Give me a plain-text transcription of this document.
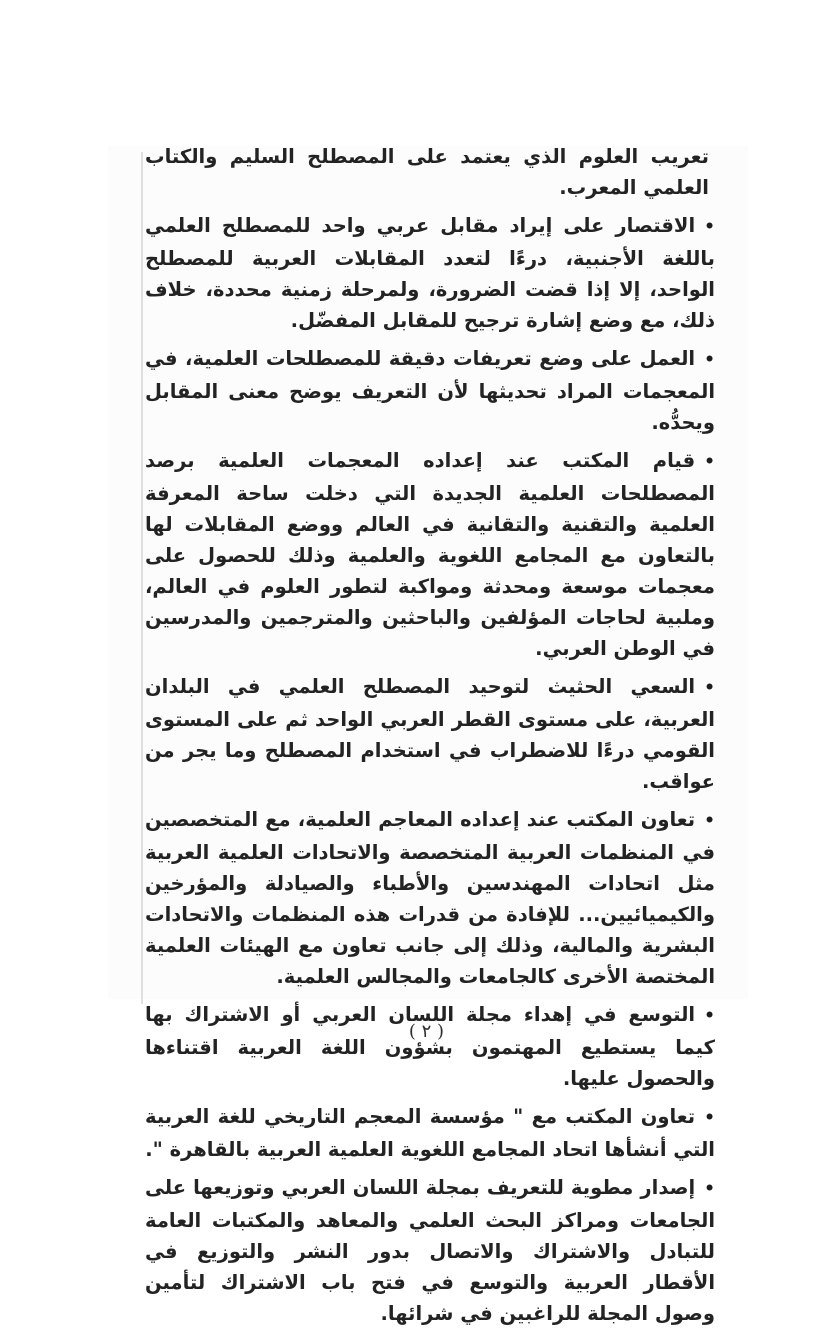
تعريب العلوم الذي يعتمد على المصطلح السليم والكتاب العلمي المعرب.

•الاقتصار على إيراد مقابل عربي واحد للمصطلح العلمي باللغة الأجنبية، درءًا لتعدد المقابلات العربية للمصطلح الواحد، إلا إذا قضت الضرورة، ولمرحلة زمنية محددة، خلاف ذلك، مع وضع إشارة ترجيح للمقابل المفضّل.
•العمل على وضع تعريفات دقيقة للمصطلحات العلمية، في المعجمات المراد تحديثها لأن التعريف يوضح معنى المقابل ويحدُّه.
•قيام المكتب عند إعداده المعجمات العلمية برصد المصطلحات العلمية الجديدة التي دخلت ساحة المعرفة العلمية والتقنية والتقانية في العالم ووضع المقابلات لها بالتعاون مع المجامع اللغوية والعلمية وذلك للحصول على معجمات موسعة ومحدثة ومواكبة لتطور العلوم في العالم، وملبية لحاجات المؤلفين والباحثين والمترجمين والمدرسين في الوطن العربي.
•السعي الحثيث لتوحيد المصطلح العلمي في البلدان العربية، على مستوى القطر العربي الواحد ثم على المستوى القومي درءًا للاضطراب في استخدام المصطلح وما يجر من عواقب.
•تعاون المكتب عند إعداده المعاجم العلمية، مع المتخصصين في المنظمات العربية المتخصصة والاتحادات العلمية العربية مثل اتحادات المهندسين والأطباء والصيادلة والمؤرخين والكيميائيين... للإفادة من قدرات هذه المنظمات والاتحادات البشرية والمالية، وذلك إلى جانب تعاون مع الهيئات العلمية المختصة الأخرى كالجامعات والمجالس العلمية.
•التوسع في إهداء مجلة اللسان العربي أو الاشتراك بها كيما يستطيع المهتمون بشؤون اللغة العربية اقتناءها والحصول عليها.
•تعاون المكتب مع " مؤسسة المعجم التاريخي للغة العربية التي أنشأها اتحاد المجامع اللغوية العلمية العربية بالقاهرة ".
•إصدار مطوية للتعريف بمجلة اللسان العربي وتوزيعها على الجامعات ومراكز البحث العلمي والمعاهد والمكتبات العامة للتبادل والاشتراك والاتصال بدور النشر والتوزيع في الأقطار العربية والتوسع في فتح باب الاشتراك لتأمين وصول المجلة للراغبين في شرائها.
( ٢ )
